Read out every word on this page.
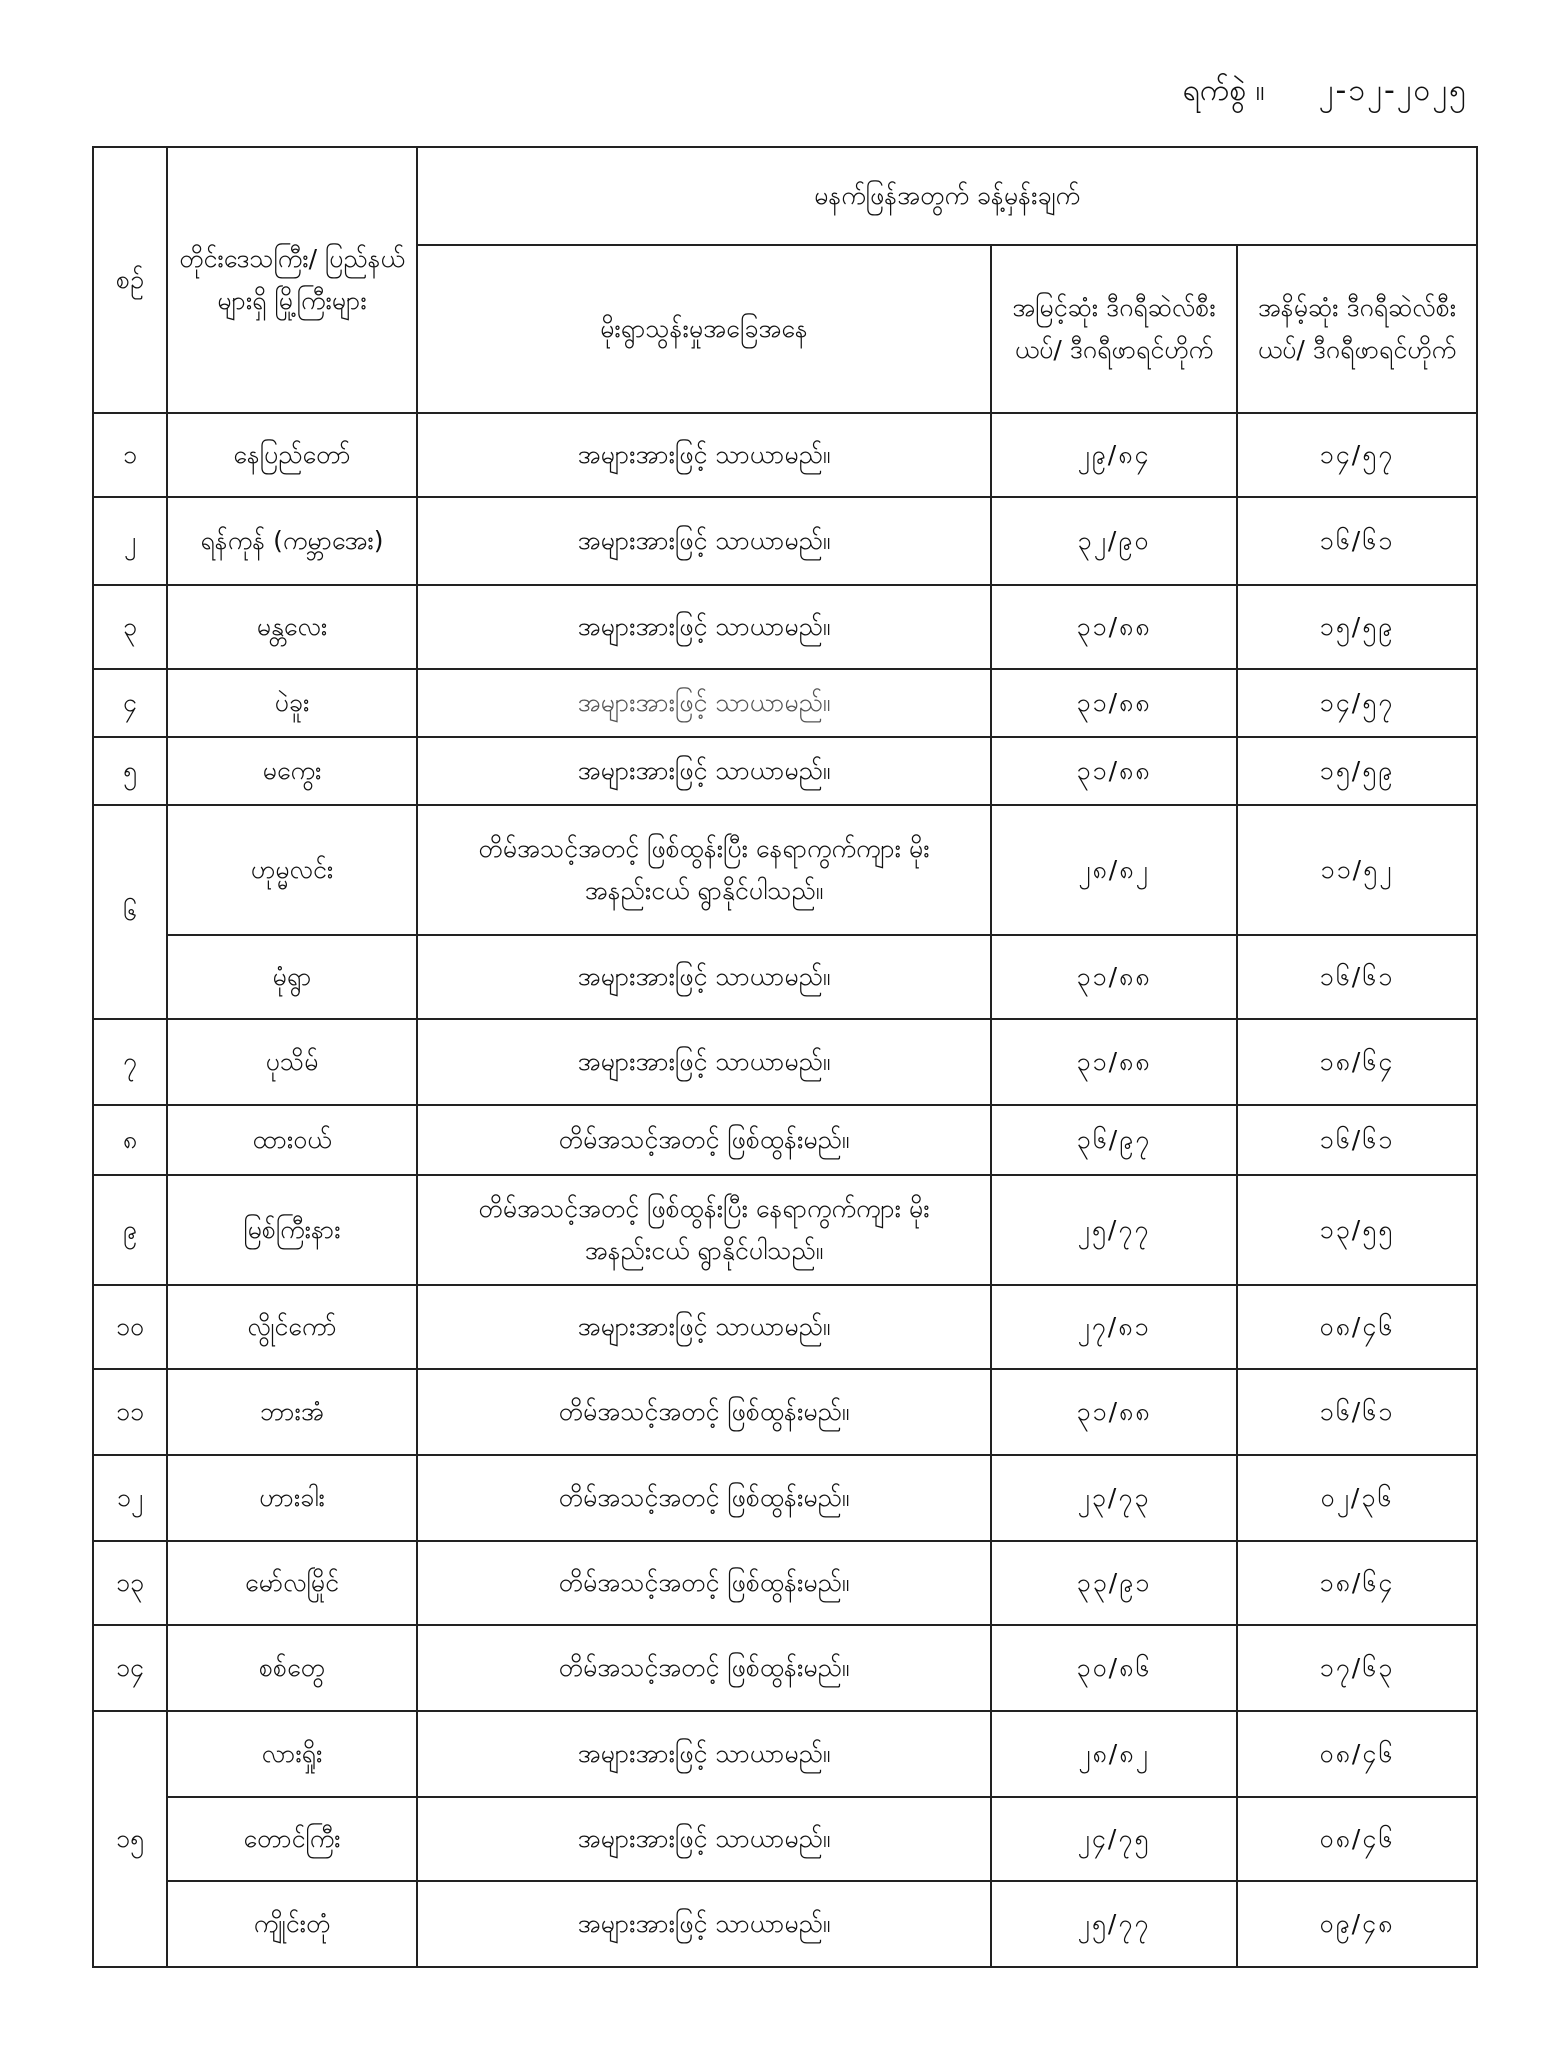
ရက်စွဲ ။ ၂-၁၂-၂၀၂၅
စဉ်	တိုင်းဒေသကြီး/ ပြည်နယ်များရှိ မြို့ကြီးများ	မနက်ဖြန်အတွက် ခန့်မှန်းချက်		
		မိုးရွာသွန်းမှုအခြေအနေ	အမြင့်ဆုံး ဒီဂရီဆဲလ်စီးယပ်/ ဒီဂရီဖာရင်ဟိုက်	အနိမ့်ဆုံး ဒီဂရီဆဲလ်စီးယပ်/ ဒီဂရီဖာရင်ဟိုက်
၁	နေပြည်တော်	အများအားဖြင့် သာယာမည်။	၂၉/၈၄	၁၄/၅၇
၂	ရန်ကုန် (ကမ္ဘာအေး)	အများအားဖြင့် သာယာမည်။	၃၂/၉၀	၁၆/၆၁
၃	မန္တလေး	အများအားဖြင့် သာယာမည်။	၃၁/၈၈	၁၅/၅၉
၄	ပဲခူး	အများအားဖြင့် သာယာမည်။	၃၁/၈၈	၁၄/၅၇
၅	မကွေး	အများအားဖြင့် သာယာမည်။	၃၁/၈၈	၁၅/၅၉
၆	ဟုမ္မလင်း	တိမ်အသင့်အတင့် ဖြစ်ထွန်းပြီး နေရာကွက်ကျား မိုးအနည်းငယ် ရွာနိုင်ပါသည်။	၂၈/၈၂	၁၁/၅၂
	မုံရွာ	အများအားဖြင့် သာယာမည်။	၃၁/၈၈	၁၆/၆၁
၇	ပုသိမ်	အများအားဖြင့် သာယာမည်။	၃၁/၈၈	၁၈/၆၄
၈	ထားဝယ်	တိမ်အသင့်အတင့် ဖြစ်ထွန်းမည်။	၃၆/၉၇	၁၆/၆၁
၉	မြစ်ကြီးနား	တိမ်အသင့်အတင့် ဖြစ်ထွန်းပြီး နေရာကွက်ကျား မိုးအနည်းငယ် ရွာနိုင်ပါသည်။	၂၅/၇၇	၁၃/၅၅
၁၀	လွိုင်ကော်	အများအားဖြင့် သာယာမည်။	၂၇/၈၁	၀၈/၄၆
၁၁	ဘားအံ	တိမ်အသင့်အတင့် ဖြစ်ထွန်းမည်။	၃၁/၈၈	၁၆/၆၁
၁၂	ဟားခါး	တိမ်အသင့်အတင့် ဖြစ်ထွန်းမည်။	၂၃/၇၃	၀၂/၃၆
၁၃	မော်လမြိုင်	တိမ်အသင့်အတင့် ဖြစ်ထွန်းမည်။	၃၃/၉၁	၁၈/၆၄
၁၄	စစ်တွေ	တိမ်အသင့်အတင့် ဖြစ်ထွန်းမည်။	၃၀/၈၆	၁၇/၆၃
၁၅	လားရှိုး	အများအားဖြင့် သာယာမည်။	၂၈/၈၂	၀၈/၄၆
	တောင်ကြီး	အများအားဖြင့် သာယာမည်။	၂၄/၇၅	၀၈/၄၆
	ကျိုင်းတုံ	အများအားဖြင့် သာယာမည်။	၂၅/၇၇	၀၉/၄၈
